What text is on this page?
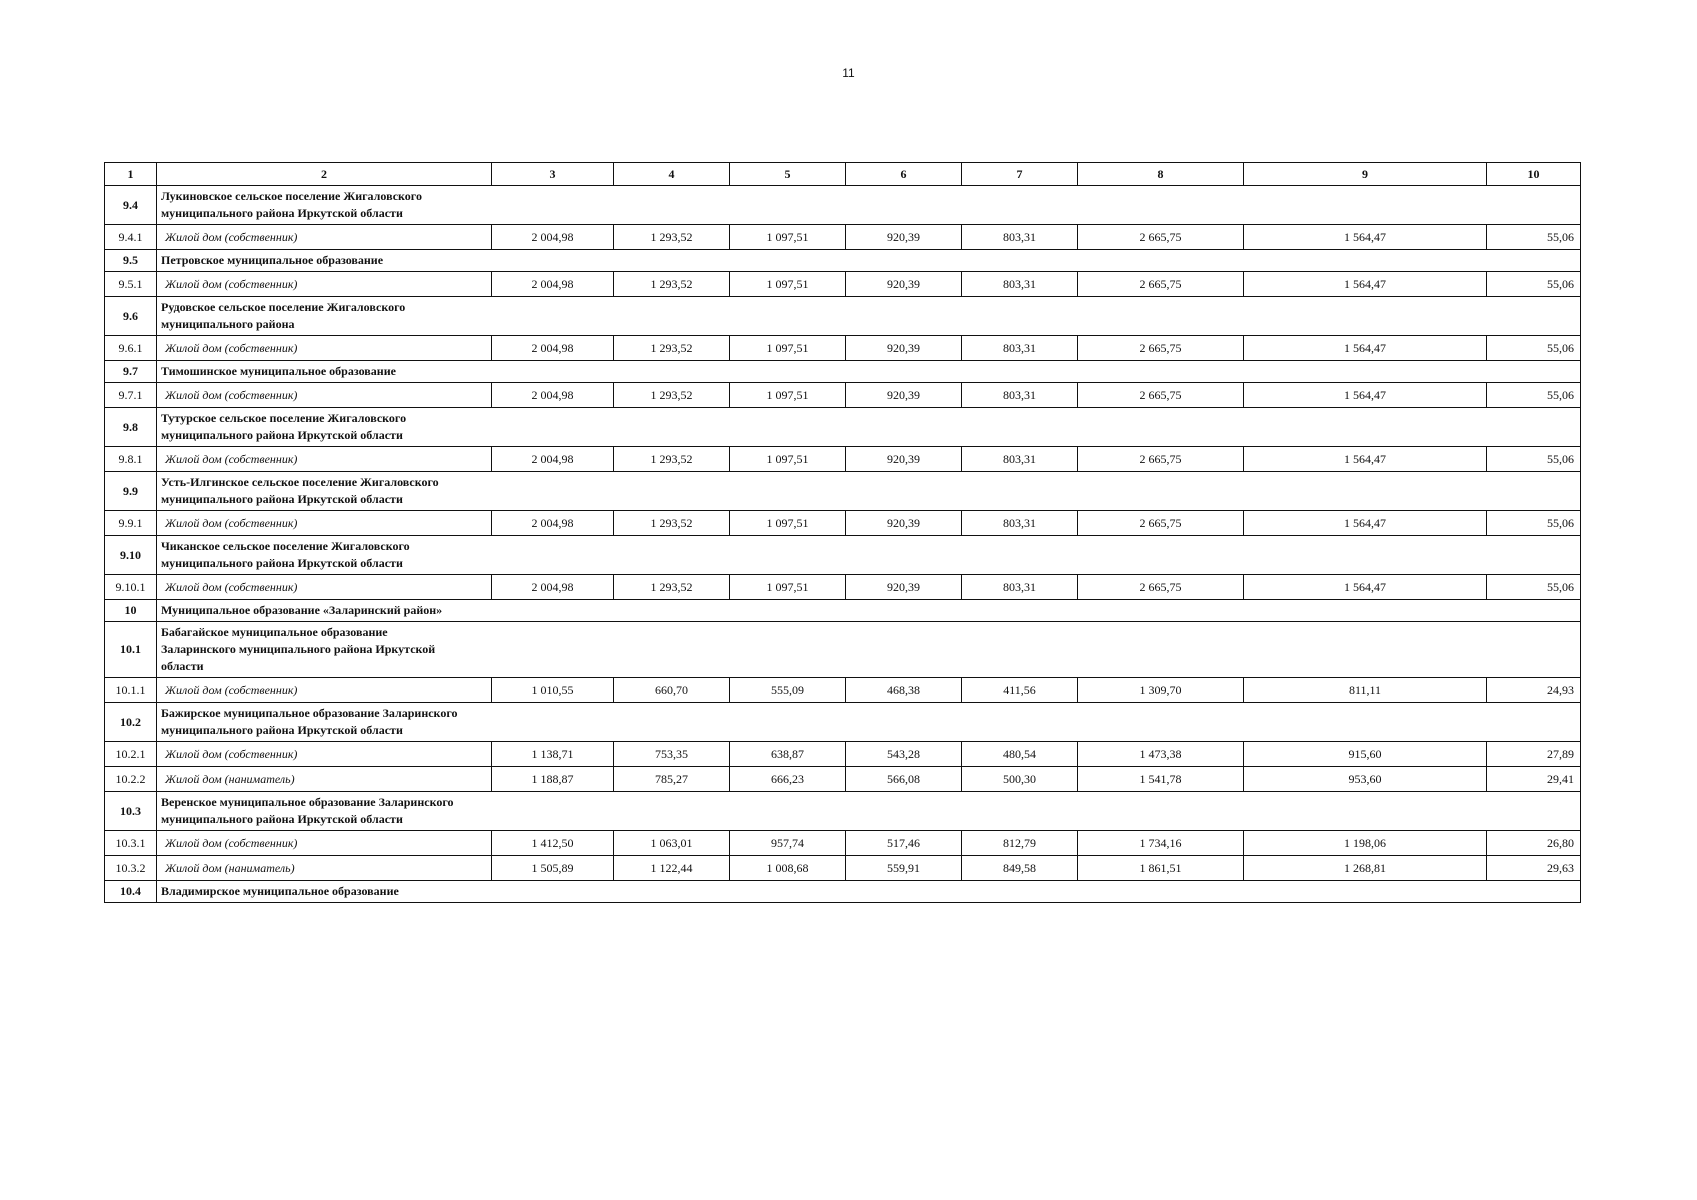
11
1	2	3	4	5	6	7	8	9	10
9.4	Лукиновское сельское поселение Жигаловского муниципального района Иркутской области								

9.4.1	Жилой дом (собственник)	2 004,98	1 293,52	1 097,51	920,39	803,31	2 665,75	1 564,47	55,06
9.5	Петровское муниципальное образование								

9.5.1	Жилой дом (собственник)	2 004,98	1 293,52	1 097,51	920,39	803,31	2 665,75	1 564,47	55,06
9.6	Рудовское сельское поселение Жигаловского муниципального района								

9.6.1	Жилой дом (собственник)	2 004,98	1 293,52	1 097,51	920,39	803,31	2 665,75	1 564,47	55,06
9.7	Тимошинское муниципальное образование								

9.7.1	Жилой дом (собственник)	2 004,98	1 293,52	1 097,51	920,39	803,31	2 665,75	1 564,47	55,06
9.8	Тутурское сельское поселение Жигаловского муниципального района Иркутской области								

9.8.1	Жилой дом (собственник)	2 004,98	1 293,52	1 097,51	920,39	803,31	2 665,75	1 564,47	55,06
9.9	Усть-Илгинское сельское поселение Жигаловского муниципального района Иркутской области								

9.9.1	Жилой дом (собственник)	2 004,98	1 293,52	1 097,51	920,39	803,31	2 665,75	1 564,47	55,06
9.10	Чиканское сельское поселение Жигаловского муниципального района Иркутской области								

9.10.1	Жилой дом (собственник)	2 004,98	1 293,52	1 097,51	920,39	803,31	2 665,75	1 564,47	55,06
10	Муниципальное образование «Заларинский район»								

10.1	Бабагайское муниципальное образование Заларинского муниципального района Иркутской области								

10.1.1	Жилой дом (собственник)	1 010,55	660,70	555,09	468,38	411,56	1 309,70	811,11	24,93
10.2	Бажирское муниципальное образование Заларинского муниципального района Иркутской области								

10.2.1	Жилой дом (собственник)	1 138,71	753,35	638,87	543,28	480,54	1 473,38	915,60	27,89
10.2.2	Жилой дом (наниматель)	1 188,87	785,27	666,23	566,08	500,30	1 541,78	953,60	29,41
10.3	Веренское муниципальное образование Заларинского муниципального района Иркутской области								

10.3.1	Жилой дом (собственник)	1 412,50	1 063,01	957,74	517,46	812,79	1 734,16	1 198,06	26,80
10.3.2	Жилой дом (наниматель)	1 505,89	1 122,44	1 008,68	559,91	849,58	1 861,51	1 268,81	29,63
10.4	Владимирское муниципальное образование								
